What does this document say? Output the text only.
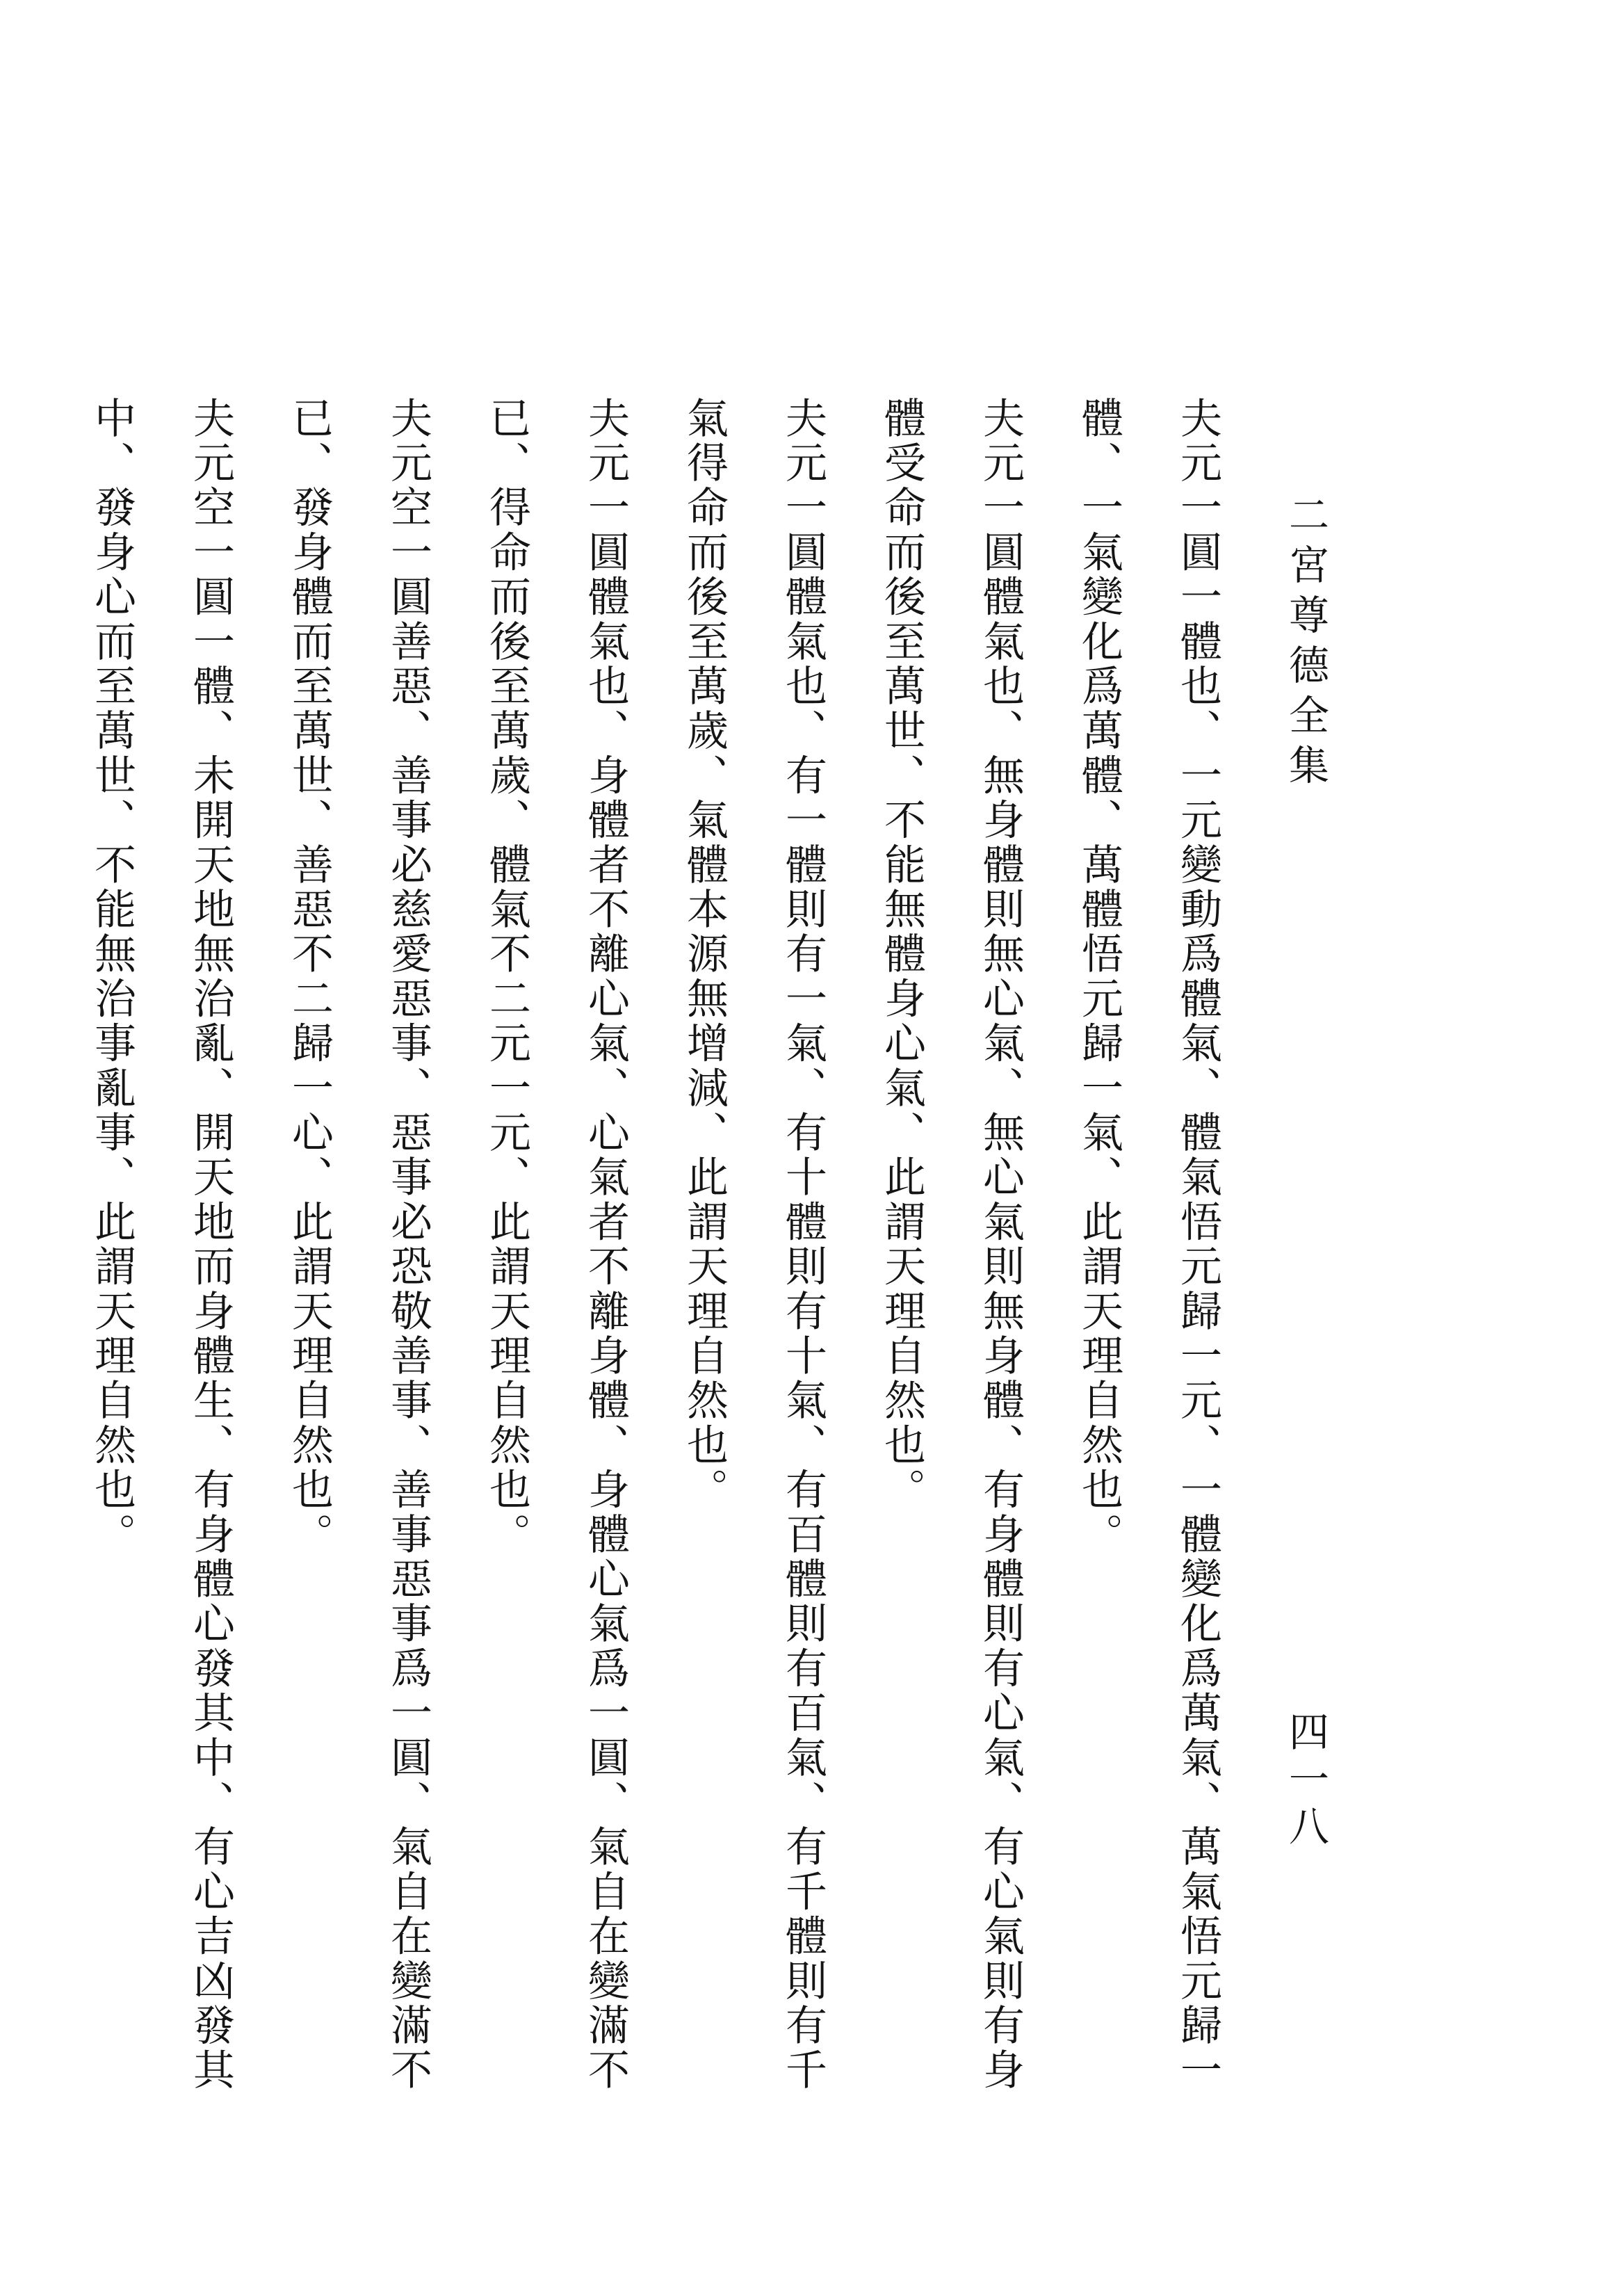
二宮尊德全集
四一八
夫元一圓一體也、一元變動爲體氣、體氣悟元歸一元、一體變化爲萬氣、萬氣悟元歸一
體、一氣變化爲萬體、萬體悟元歸一氣、此謂天理自然也。
夫元一圓體氣也、無身體則無心氣、無心氣則無身體、有身體則有心氣、有心氣則有身
體受命而後至萬世、不能無體身心氣、此謂天理自然也。
夫元一圓體氣也、有一體則有一氣、有十體則有十氣、有百體則有百氣、有千體則有千
氣得命而後至萬歲、氣體本源無增減、此謂天理自然也。
夫元一圓體氣也、身體者不離心氣、心氣者不離身體、身體心氣爲一圓、氣自在變滿不
已、得命而後至萬歲、體氣不二元一元、此謂天理自然也。
夫元空一圓善惡、善事必慈愛惡事、惡事必恐敬善事、善事惡事爲一圓、氣自在變滿不
已、發身體而至萬世、善惡不二歸一心、此謂天理自然也。
夫元空一圓一體、未開天地無治亂、開天地而身體生、有身體心發其中、有心吉凶發其
中、發身心而至萬世、不能無治事亂事、此謂天理自然也。
